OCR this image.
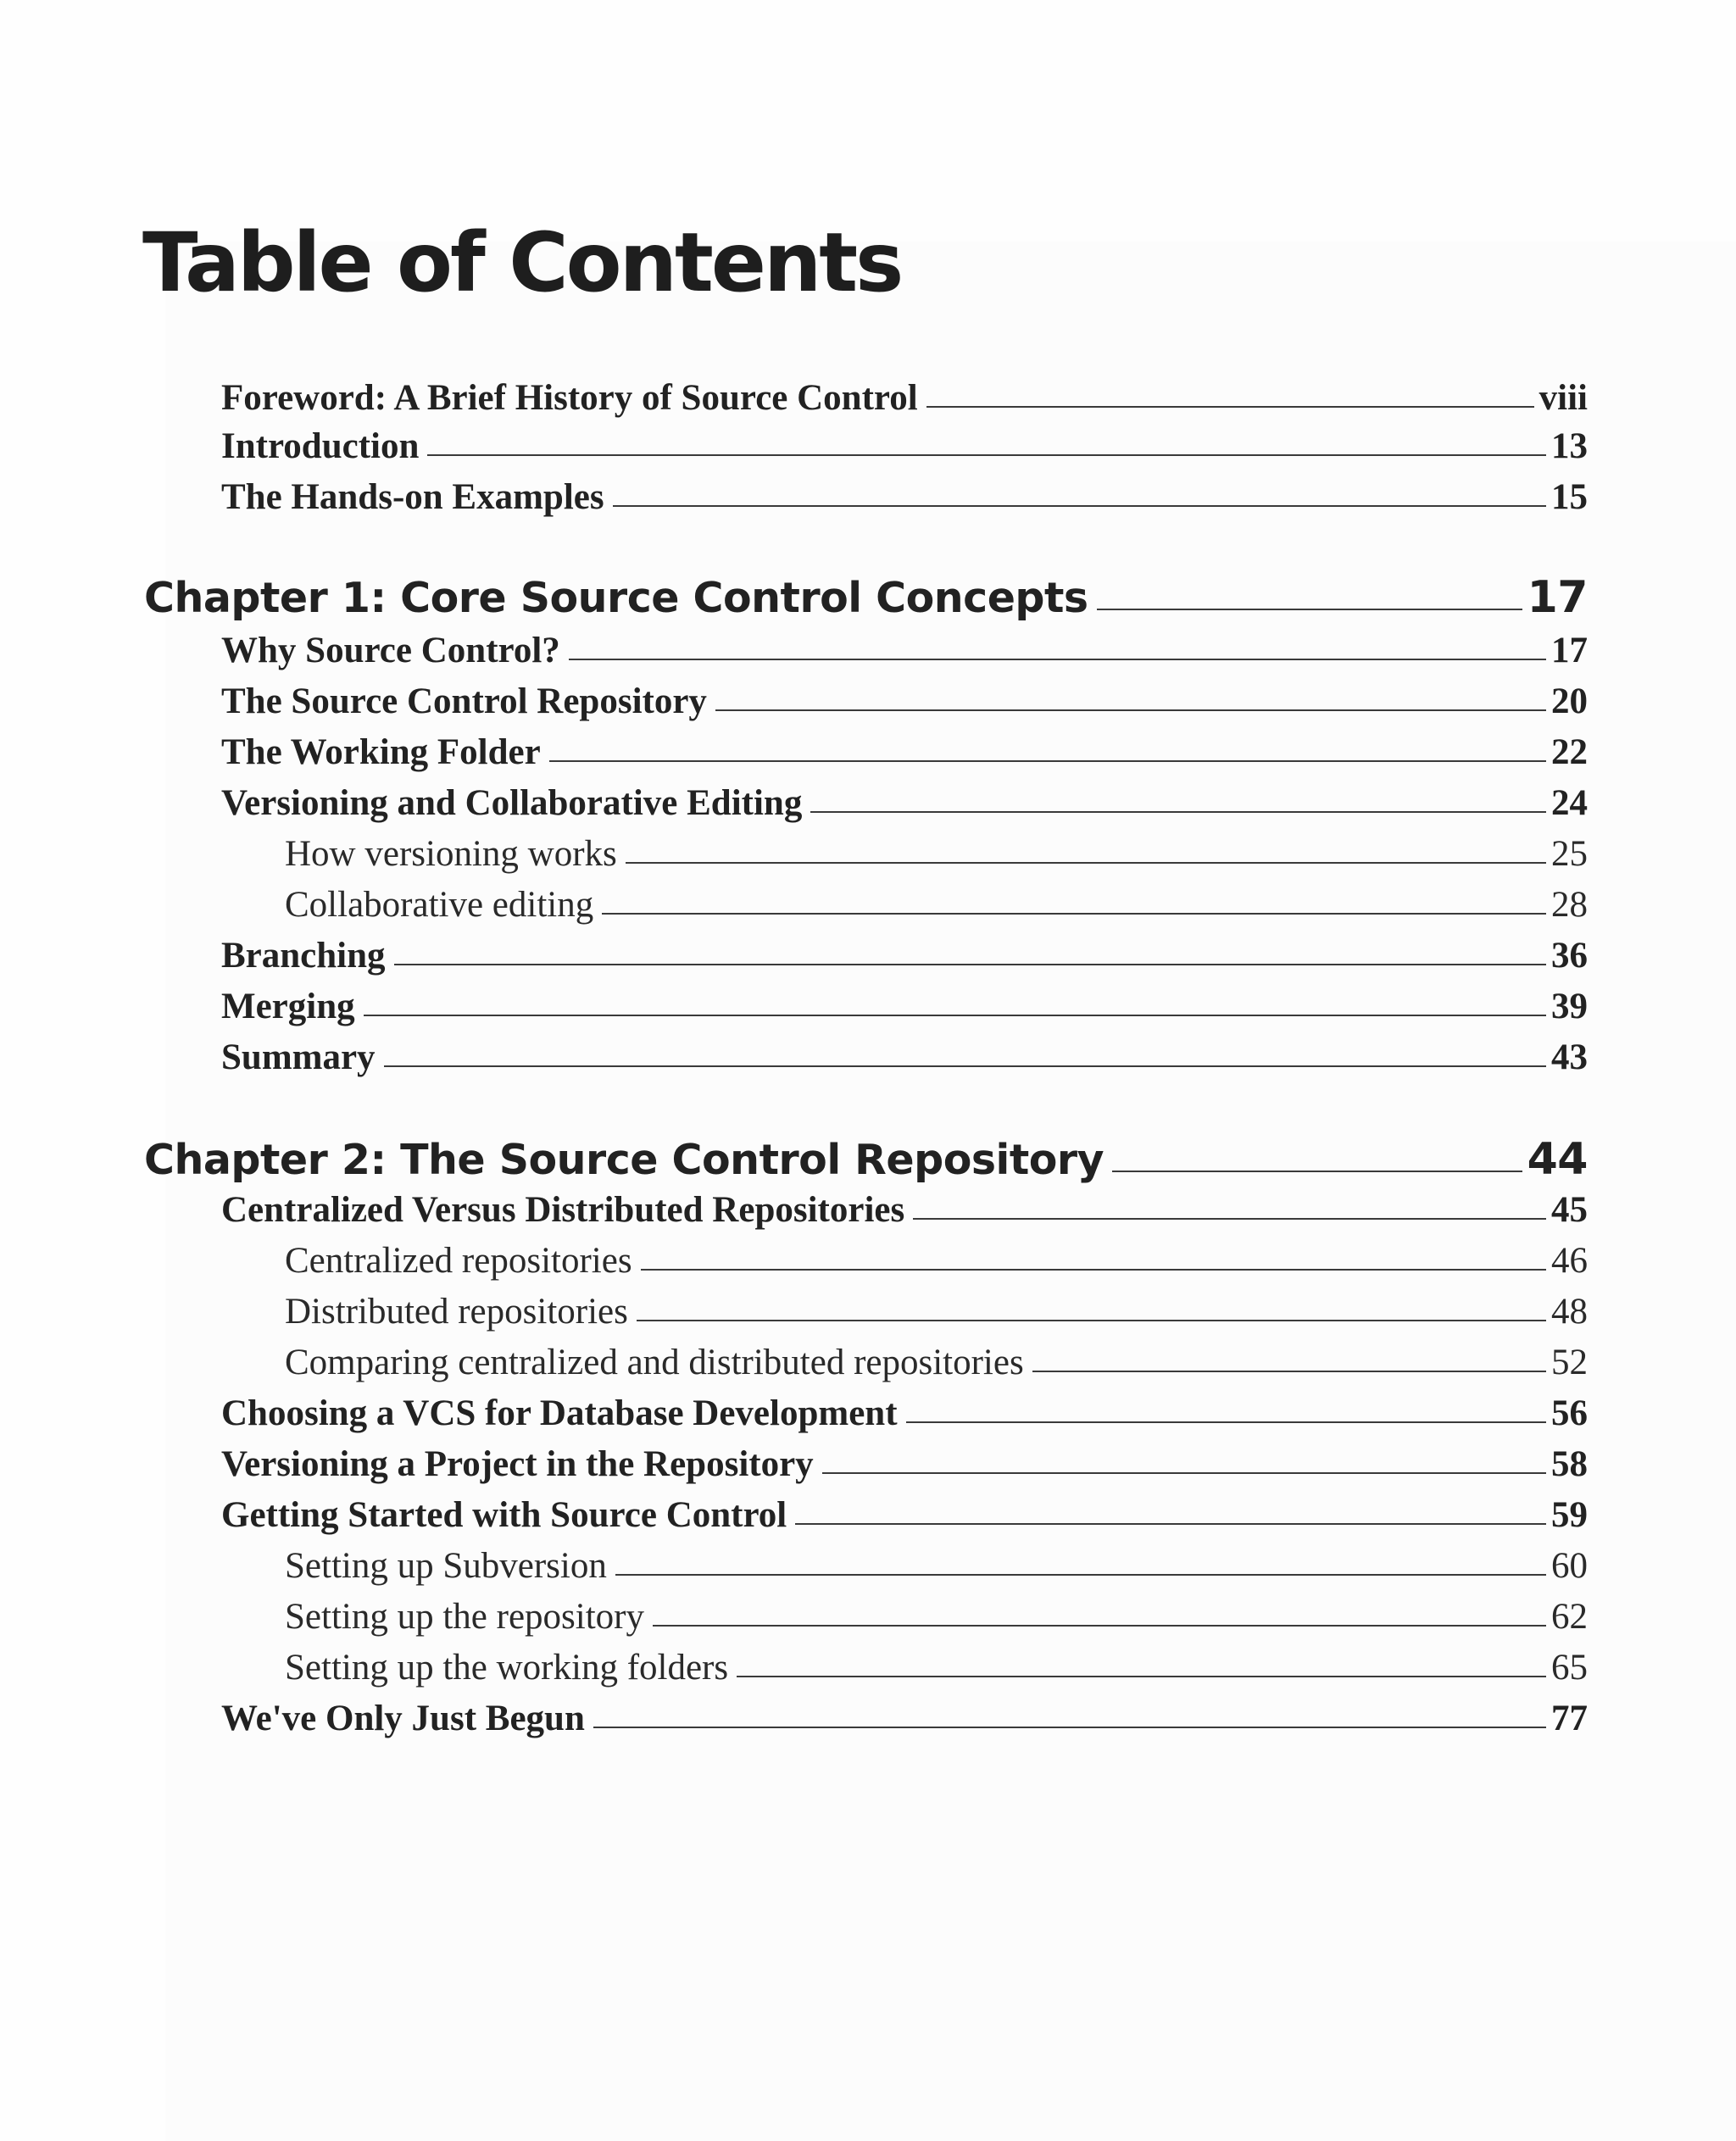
Table of Contents
Foreword: A Brief History of Source Control	viii
Introduction	13
The Hands-on Examples	15
Chapter 1: Core Source Control Concepts	17
Why Source Control?	17
The Source Control Repository	20
The Working Folder	22
Versioning and Collaborative Editing	24
How versioning works	25
Collaborative editing	28
Branching	36
Merging	39
Summary	43
Chapter 2: The Source Control Repository	44
Centralized Versus Distributed Repositories	45
Centralized repositories	46
Distributed repositories	48
Comparing centralized and distributed repositories	52
Choosing a VCS for Database Development	56
Versioning a Project in the Repository	58
Getting Started with Source Control	59
Setting up Subversion	60
Setting up the repository	62
Setting up the working folders	65
We've Only Just Begun	77
